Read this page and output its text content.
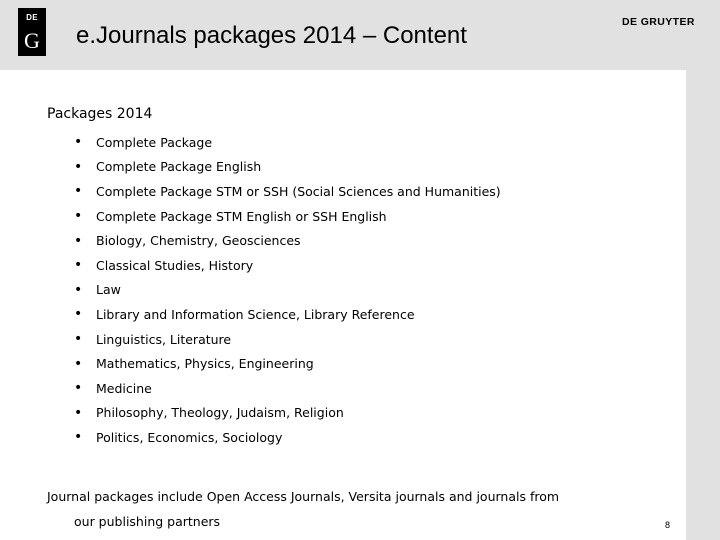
DE
G e.Journals packages 2014 – Content	DE GRUYTER
Packages 2014
•	Complete Package
•	Complete Package English
•	Complete Package STM or SSH (Social Sciences and Humanities)
•	Complete Package STM English or SSH English
•	Biology, Chemistry, Geosciences
•	Classical Studies, History
•	Law
•	Library and Information Science, Library Reference
•	Linguistics, Literature
•	Mathematics, Physics, Engineering
•	Medicine
•	Philosophy, Theology, Judaism, Religion
•	Politics, Economics, Sociology
Journal packages include Open Access Journals, Versita journals and journals from
our publishing partners	8
